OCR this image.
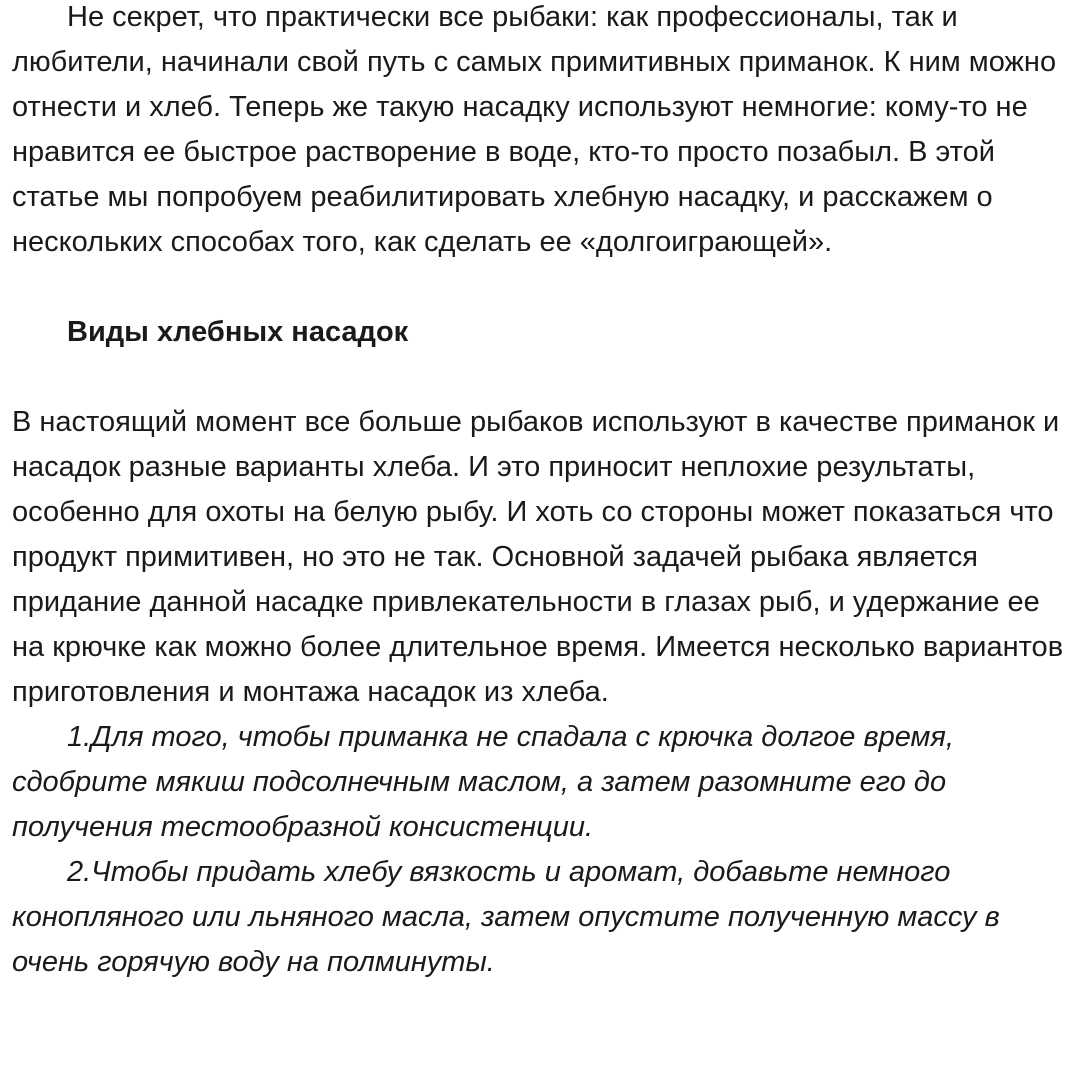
Не секрет, что практически все рыбаки: как профессионалы, так и любители, начинали свой путь с самых примитивных приманок. К ним можно отнести и хлеб. Теперь же такую насадку используют немногие: кому-то не нравится ее быстрое растворение в воде, кто-то просто позабыл. В этой статье мы попробуем реабилитировать хлебную насадку, и расскажем о нескольких способах того, как сделать ее «долгоиграющей».

Виды хлебных насадок

В настоящий момент все больше рыбаков используют в качестве приманок и насадок разные варианты хлеба. И это приносит неплохие результаты, особенно для охоты на белую рыбу. И хоть со стороны может показаться что продукт примитивен, но это не так. Основной задачей рыбака является придание данной насадке привлекательности в глазах рыб, и удержание ее на крючке как можно более длительное время. Имеется несколько вариантов приготовления и монтажа насадок из хлеба.

1.Для того, чтобы приманка не спадала с крючка долгое время, сдобрите мякиш подсолнечным маслом, а затем разомните его до получения тестообразной консистенции.

2.Чтобы придать хлебу вязкость и аромат, добавьте немного конопляного или льняного масла, затем опустите полученную массу в очень горячую воду на полминуты.
